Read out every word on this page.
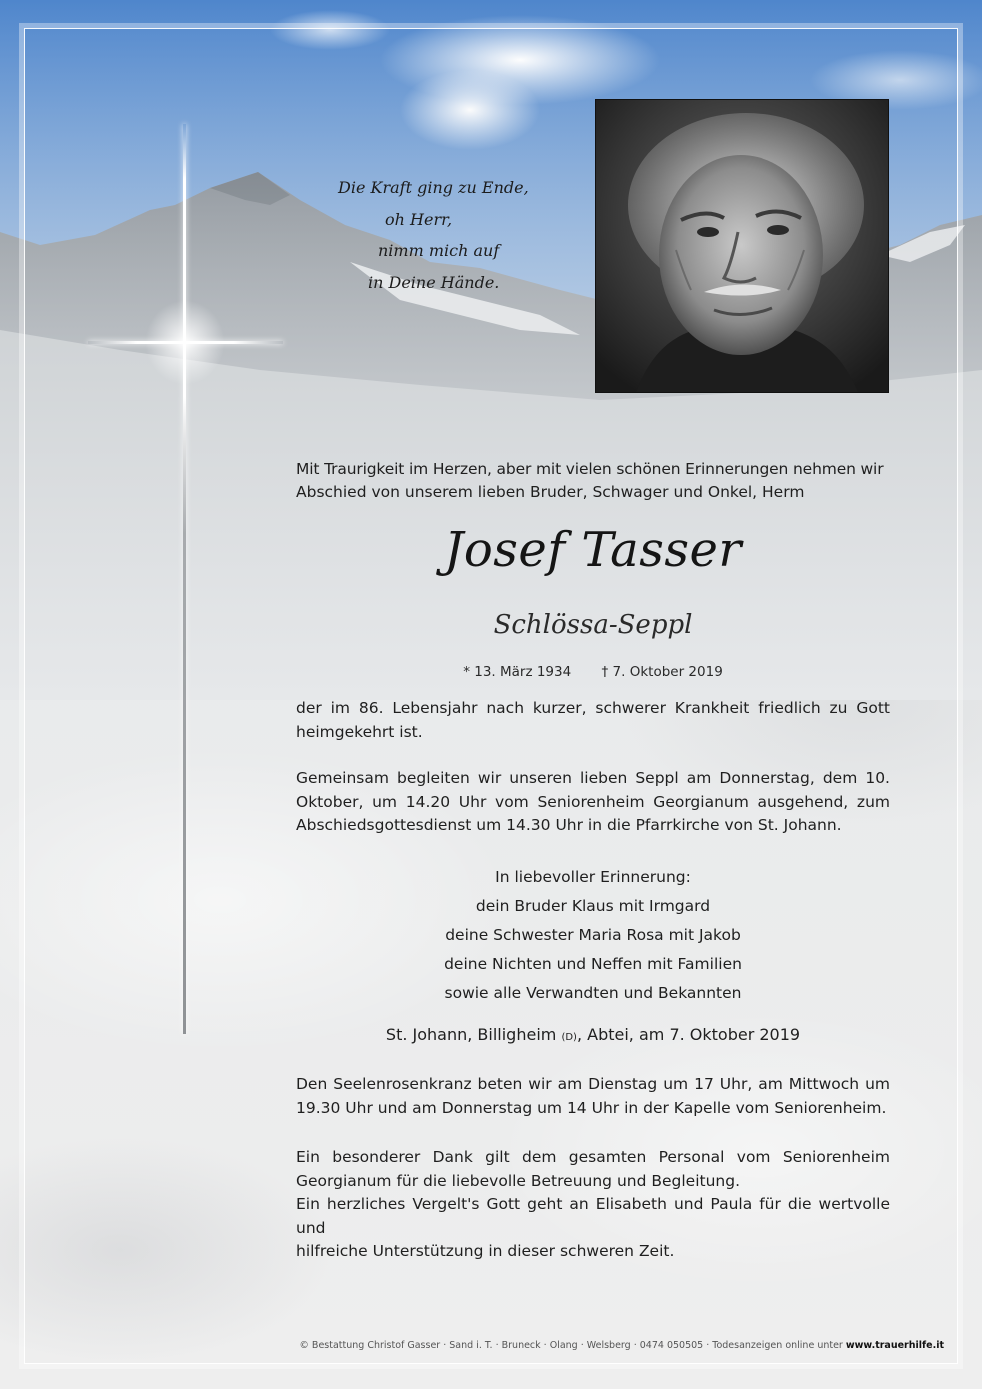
Die Kraft ging zu Ende,
oh Herr,
nimm mich auf
in Deine Hände.

Mit Traurigkeit im Herzen, aber mit vielen schönen Erinnerungen nehmen wir

Abschied von unserem lieben Bruder, Schwager und Onkel, Herm

Josef Tasser
Schlössa-Seppl
* 13. März 1934 † 7. Oktober 2019

der im 86. Lebensjahr nach kurzer, schwerer Krankheit friedlich zu Gott

heimgekehrt ist.

Gemeinsam begleiten wir unseren lieben Seppl am Donnerstag, dem 10. Oktober, um 14.20 Uhr vom Seniorenheim Georgianum ausgehend, zum

Abschiedsgottesdienst um 14.30 Uhr in die Pfarrkirche von St. Johann.

In liebevoller Erinnerung:
dein Bruder Klaus mit Irmgard
deine Schwester Maria Rosa mit Jakob
deine Nichten und Neffen mit Familien
sowie alle Verwandten und Bekannten
St. Johann, Billigheim (D), Abtei, am 7. Oktober 2019

Den Seelenrosenkranz beten wir am Dienstag um 17 Uhr, am Mittwoch um

19.30 Uhr und am Donnerstag um 14 Uhr in der Kapelle vom Seniorenheim.

Ein besonderer Dank gilt dem gesamten Personal vom Seniorenheim

Georgianum für die liebevolle Betreuung und Begleitung.

Ein herzliches Vergelt's Gott geht an Elisabeth und Paula für die wertvolle und

hilfreiche Unterstützung in dieser schweren Zeit.

© Bestattung Christof Gasser · Sand i. T. · Bruneck · Olang · Welsberg · 0474 050505 · Todesanzeigen online unter www.trauerhilfe.it
